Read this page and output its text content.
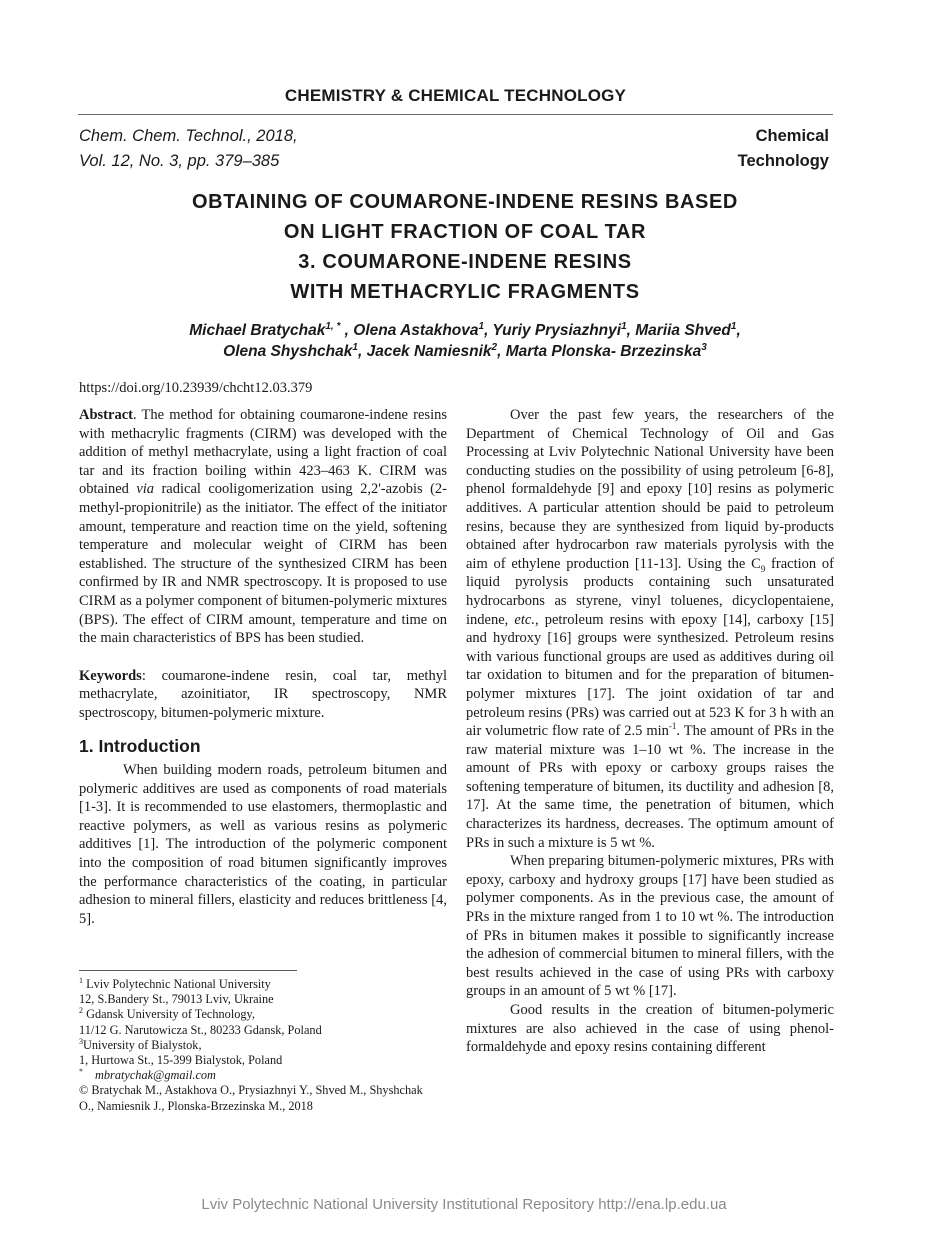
CHEMISTRY & CHEMICAL TECHNOLOGY
Chem. Chem. Technol., 2018,
Vol. 12, No. 3, pp. 379–385
Chemical
Technology
OBTAINING OF COUMARONE-INDENE RESINS BASED
ON LIGHT FRACTION OF COAL TAR
3. COUMARONE-INDENE RESINS
WITH METHACRYLIC FRAGMENTS
Michael Bratychak$^{1, *}$ , Olena Astakhova$^1$, Yuriy Prysiazhnyi$^1$, Mariia Shved$^1$,
Olena Shyshchak$^1$, Jacek Namiesnik$^2$, Marta Plonska- Brzezinska$^3$
https://doi.org/10.23939/chcht12.03.379

Abstract. The method for obtaining coumarone-indene resins with methacrylic fragments (CIRM) was developed with the addition of methyl methacrylate, using a light fraction of coal tar and its fraction boiling within 423–463 K. CIRM was obtained via radical cooligomerization using 2,2'-azobis (2-methyl-propionitrile) as the initiator. The effect of the initiator amount, temperature and reaction time on the yield, softening temperature and molecular weight of CIRM has been established. The structure of the synthesized CIRM has been confirmed by IR and NMR spectroscopy. It is proposed to use CIRM as a polymer component of bitumen-polymeric mixtures (BPS). The effect of CIRM amount, temperature and time on the main characteristics of BPS has been studied.

Keywords: coumarone-indene resin, coal tar, methyl methacrylate, azoinitiator, IR spectroscopy, NMR spectroscopy, bitumen-polymeric mixture.

1. Introduction

When building modern roads, petroleum bitumen and polymeric additives are used as components of road materials [1-3]. It is recommended to use elastomers, thermoplastic and reactive polymers, as well as various resins as polymeric additives [1]. The introduction of the polymeric component into the composition of road bitumen significantly improves the performance characteristics of the coating, in particular adhesion to mineral fillers, elasticity and reduces brittleness [4, 5].

$^1$ Lviv Polytechnic National University
12, S.Bandery St., 79013 Lviv, Ukraine
$^2$ Gdansk University of Technology,
11/12 G. Narutowicza St., 80233 Gdansk, Poland
$^3$University of Bialystok,
1, Hurtowa St., 15-399 Bialystok, Poland
* mbratychak@gmail.com
© Bratychak M., Astakhova O., Prysiazhnyi Y., Shved M., Shyshchak
O., Namiesnik J., Plonska-Brzezinska M., 2018

Over the past few years, the researchers of the Department of Chemical Technology of Oil and Gas Processing at Lviv Polytechnic National University have been conducting studies on the possibility of using petroleum [6-8], phenol formaldehyde [9] and epoxy [10] resins as polymeric additives. A particular attention should be paid to petroleum resins, because they are synthesized from liquid by-products obtained after hydrocarbon raw materials pyrolysis with the aim of ethylene production [11-13]. Using the $C_9$ fraction of liquid pyrolysis products containing such unsaturated hydrocarbons as styrene, vinyl toluenes, dicyclopentaiene, indene, etc., petroleum resins with epoxy [14], carboxy [15] and hydroxy [16] groups were synthesized. Petroleum resins with various functional groups are used as additives during oil tar oxidation to bitumen and for the preparation of bitumen-polymer mixtures [17]. The joint oxidation of tar and petroleum resins (PRs) was carried out at 523 K for 3 h with an air volumetric flow rate of 2.5 $\min^{-1}$. The amount of PRs in the raw material mixture was 1–10 wt %. The increase in the amount of PRs with epoxy or carboxy groups raises the softening temperature of bitumen, its ductility and adhesion [8, 17]. At the same time, the penetration of bitumen, which characterizes its hardness, decreases. The optimum amount of PRs in such a mixture is 5 wt %.

When preparing bitumen-polymeric mixtures, PRs with epoxy, carboxy and hydroxy groups [17] have been studied as polymer components. As in the previous case, the amount of PRs in the mixture ranged from 1 to 10 wt %. The introduction of PRs in bitumen makes it possible to significantly increase the adhesion of commercial bitumen to mineral fillers, with the best results achieved in the case of using PRs with carboxy groups in an amount of 5 wt % [17].

Good results in the creation of bitumen-polymeric mixtures are also achieved in the case of using phenol-formaldehyde and epoxy resins containing different

Lviv Polytechnic National University Institutional Repository http://ena.lp.edu.ua
